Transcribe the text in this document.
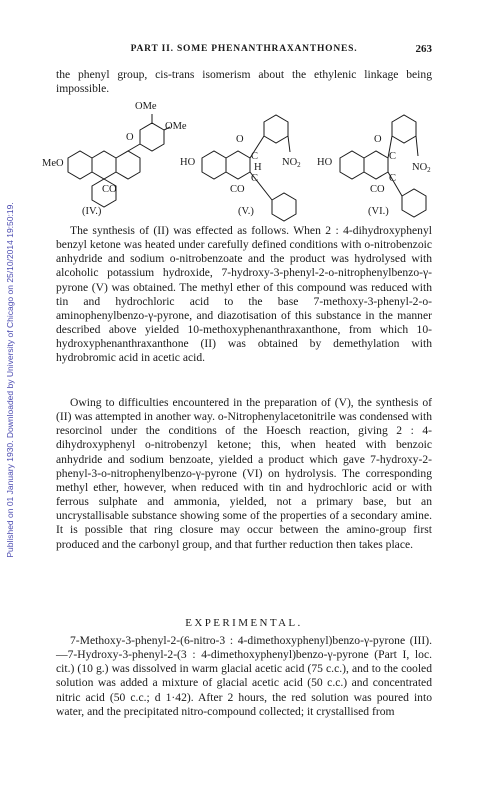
Published on 01 January 1930. Downloaded by University of Chicago on 25/10/2014 19:50:19.
PART II. SOME PHENANTHRAXANTHONES.	263

the phenyl group, cis-trans isomerism about the ethylenic linkage being impossible.

OMe
OMe
O
MeO
CO
(IV.)
O
HO
C
H
C
$NO_2$
CO
(V.)
O
HO
C
C
$NO_2$
CO
(VI.)

The synthesis of (II) was effected as follows. When 2 : 4-dihydroxyphenyl benzyl ketone was heated under carefully defined conditions with o-nitrobenzoic anhydride and sodium o-nitrobenzoate and the product was hydrolysed with alcoholic potassium hydroxide, 7-hydroxy-3-phenyl-2-o-nitrophenylbenzo-γ-pyrone (V) was obtained. The methyl ether of this compound was reduced with tin and hydrochloric acid to the base 7-methoxy-3-phenyl-2-o-aminophenylbenzo-γ-pyrone, and diazotisation of this substance in the manner described above yielded 10-methoxyphenanthraxanthone, from which 10-hydroxyphenanthraxanthone (II) was obtained by demethylation with hydrobromic acid in acetic acid.

Owing to difficulties encountered in the preparation of (V), the synthesis of (II) was attempted in another way. o-Nitrophenylacetonitrile was condensed with resorcinol under the conditions of the Hoesch reaction, giving 2 : 4-dihydroxyphenyl o-nitrobenzyl ketone; this, when heated with benzoic anhydride and sodium benzoate, yielded a product which gave 7-hydroxy-2-phenyl-3-o-nitrophenylbenzo-γ-pyrone (VI) on hydrolysis. The corresponding methyl ether, however, when reduced with tin and hydrochloric acid or with ferrous sulphate and ammonia, yielded, not a primary base, but an uncrystallisable substance showing some of the properties of a secondary amine. It is possible that ring closure may occur between the amino-group first produced and the carbonyl group, and that further reduction then takes place.

EXPERIMENTAL.

7-Methoxy-3-phenyl-2-(6-nitro-3 : 4-dimethoxyphenyl)benzo-γ-pyrone (III).—7-Hydroxy-3-phenyl-2-(3 : 4-dimethoxyphenyl)benzo-γ-pyrone (Part I, loc. cit.) (10 g.) was dissolved in warm glacial acetic acid (75 c.c.), and to the cooled solution was added a mixture of glacial acetic acid (50 c.c.) and concentrated nitric acid (50 c.c.; d 1·42). After 2 hours, the red solution was poured into water, and the precipitated nitro-compound collected; it crystallised from
